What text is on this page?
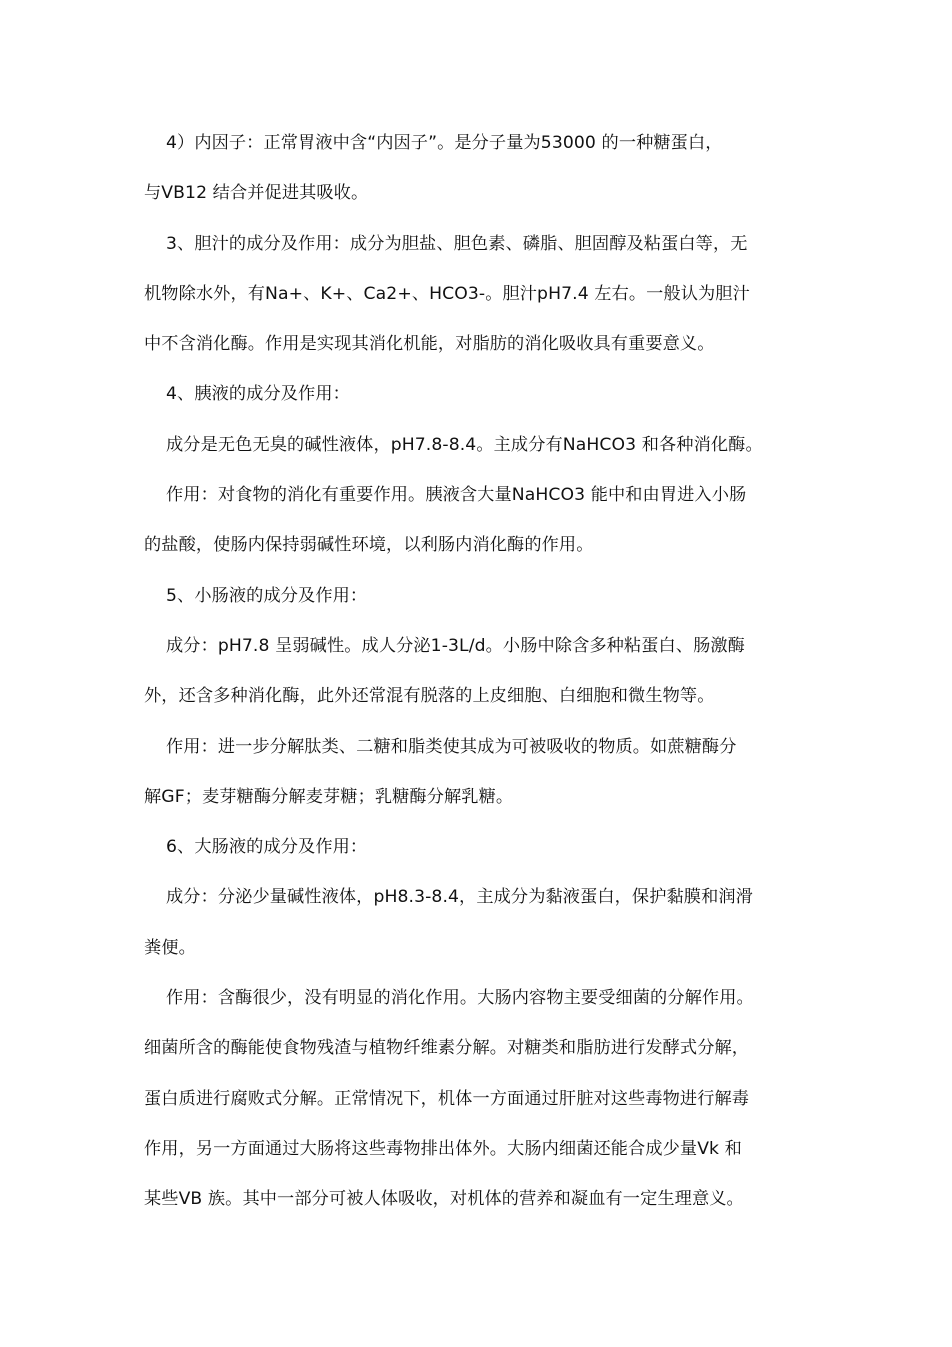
4）内因子：正常胃液中含“内因子”。是分子量为53000 的一种糖蛋白，
与VB12 结合并促进其吸收。
3、胆汁的成分及作用：成分为胆盐、胆色素、磷脂、胆固醇及粘蛋白等，无
机物除水外，有Na+、K+、Ca2+、HCO3-。胆汁pH7.4 左右。一般认为胆汁
中不含消化酶。作用是实现其消化机能，对脂肪的消化吸收具有重要意义。
4、胰液的成分及作用：
成分是无色无臭的碱性液体，pH7.8-8.4。主成分有NaHCO3 和各种消化酶。
作用：对食物的消化有重要作用。胰液含大量NaHCO3 能中和由胃进入小肠
的盐酸，使肠内保持弱碱性环境，以利肠内消化酶的作用。
5、小肠液的成分及作用：
成分：pH7.8 呈弱碱性。成人分泌1-3L/d。小肠中除含多种粘蛋白、肠激酶
外，还含多种消化酶，此外还常混有脱落的上皮细胞、白细胞和微生物等。
作用：进一步分解肽类、二糖和脂类使其成为可被吸收的物质。如蔗糖酶分
解GF；麦芽糖酶分解麦芽糖；乳糖酶分解乳糖。
6、大肠液的成分及作用：
成分：分泌少量碱性液体，pH8.3-8.4，主成分为黏液蛋白，保护黏膜和润滑
粪便。
作用：含酶很少，没有明显的消化作用。大肠内容物主要受细菌的分解作用。
细菌所含的酶能使食物残渣与植物纤维素分解。对糖类和脂肪进行发酵式分解，
蛋白质进行腐败式分解。正常情况下，机体一方面通过肝脏对这些毒物进行解毒
作用，另一方面通过大肠将这些毒物排出体外。大肠内细菌还能合成少量Vk 和
某些VB 族。其中一部分可被人体吸收，对机体的营养和凝血有一定生理意义。
